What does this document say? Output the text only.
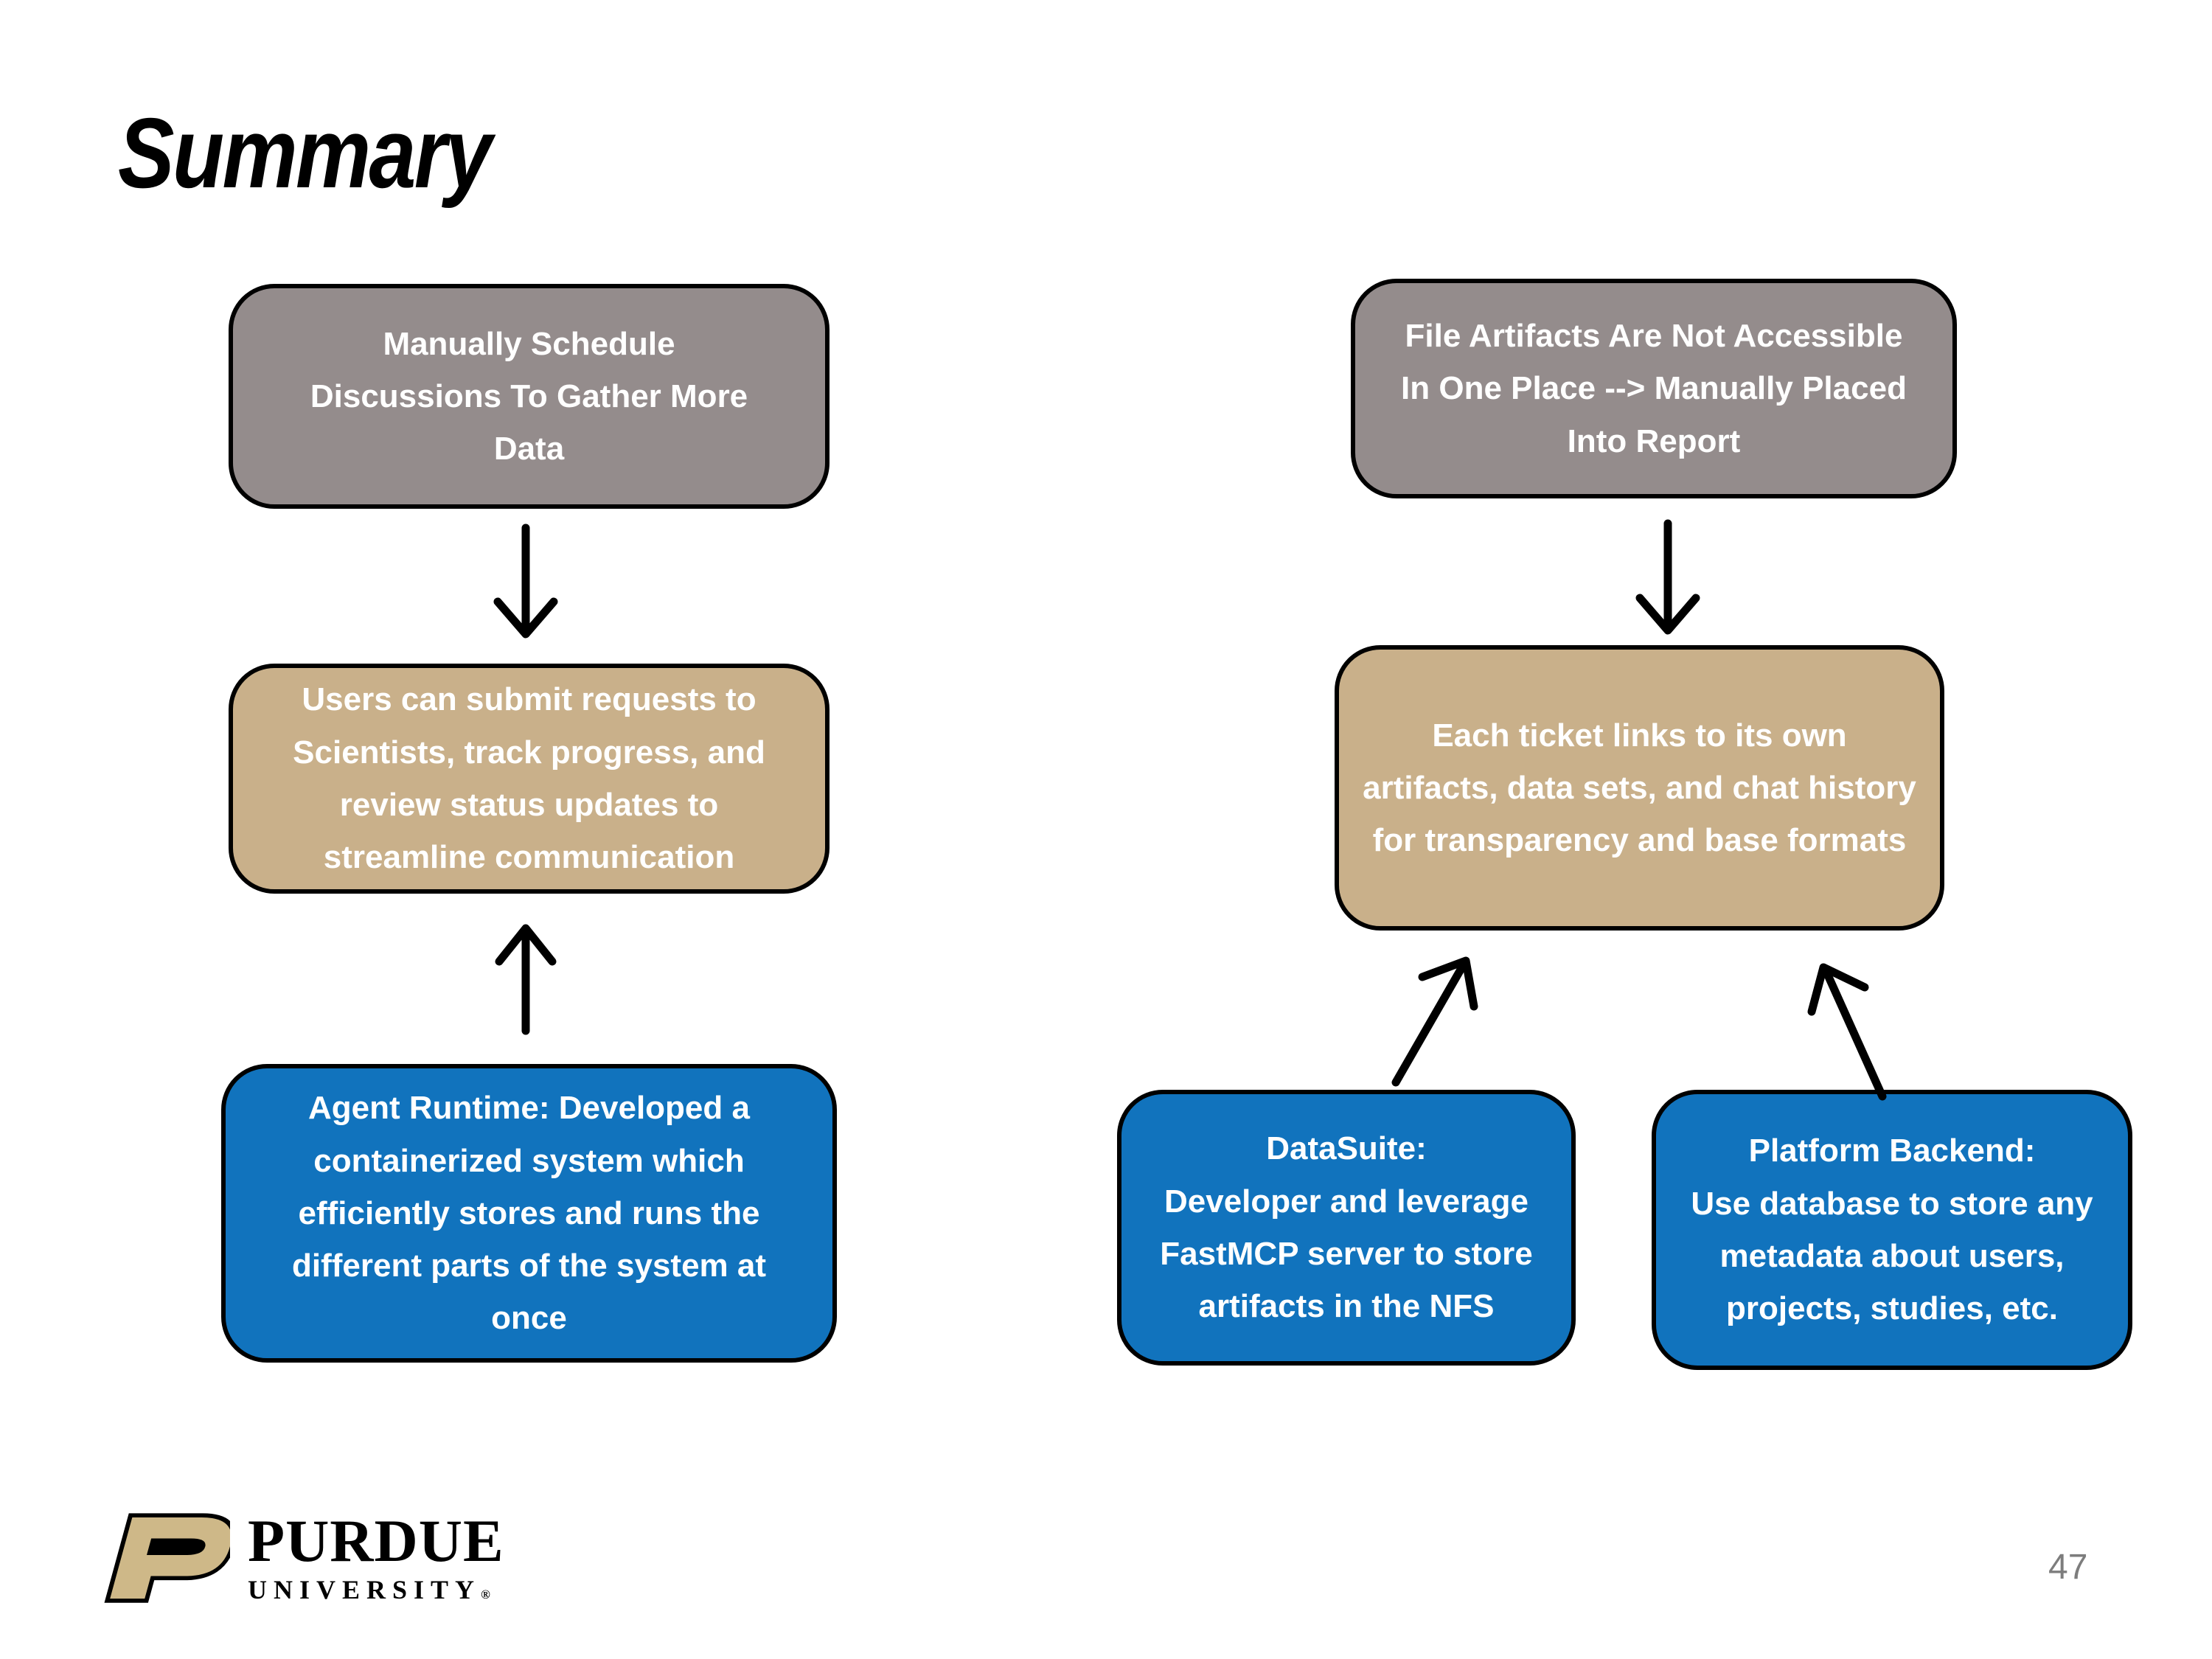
Summary
Manually Schedule Discussions To Gather More Data
Users can submit requests to Scientists, track progress, and review status updates to streamline communication
Agent Runtime: Developed a containerized system which efficiently stores and runs the different parts of the system at once
File Artifacts Are Not Accessible In One Place --> Manually Placed Into Report
Each ticket links to its own artifacts, data sets, and chat history for transparency and base formats
DataSuite:
Developer and leverage FastMCP server to store artifacts in the NFS
Platform Backend:
Use database to store any metadata about users, projects, studies, etc.
PURDUE
UNIVERSITY®
47
